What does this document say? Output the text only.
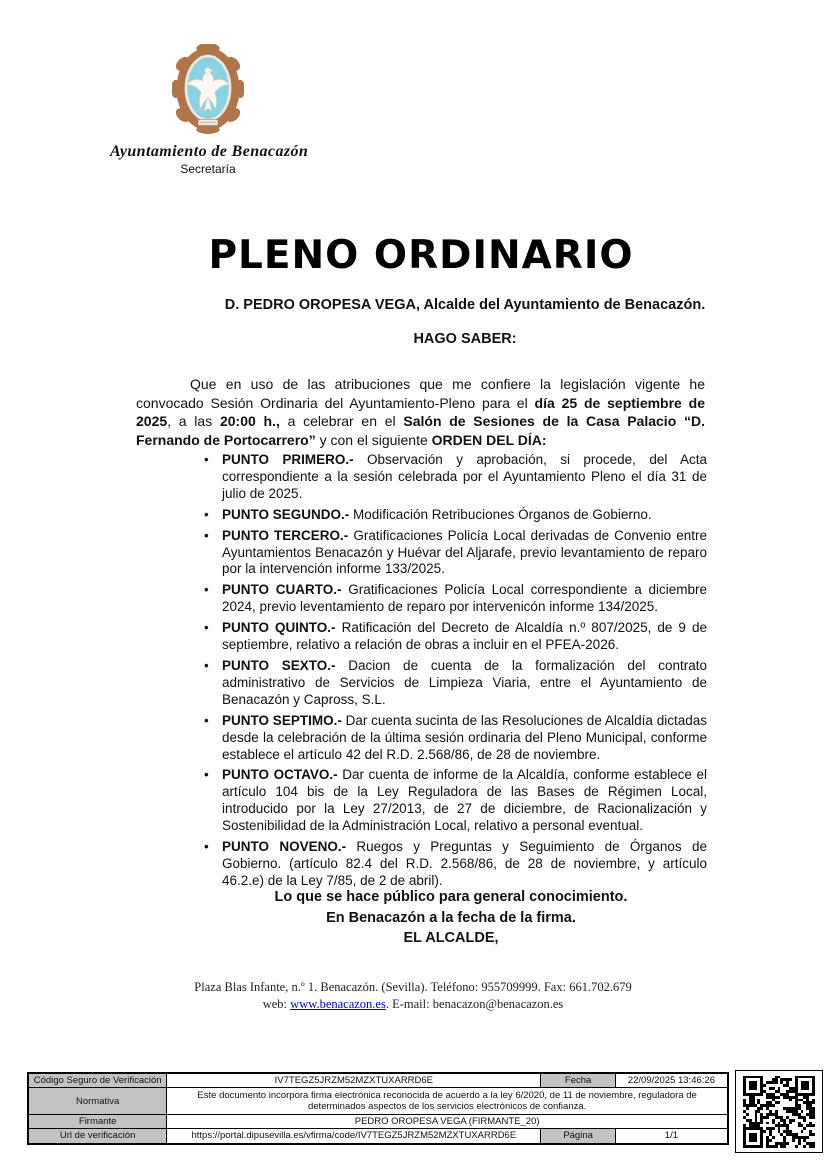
Ayuntamiento de Benacazón
Secretaría
PLENO ORDINARIO
D. PEDRO OROPESA VEGA, Alcalde del Ayuntamiento de Benacazón.
HAGO SABER:

Que en uso de las atribuciones que me confiere la legislación vigente he convocado Sesión Ordinaria del Ayuntamiento-Pleno para el día 25 de septiembre de 2025, a las 20:00 h., a celebrar en el Salón de Sesiones de la Casa Palacio “D. Fernando de Portocarrero” y con el siguiente ORDEN DEL DÍA:

• PUNTO PRIMERO.- Observación y aprobación, si procede, del Acta correspondiente a la sesión celebrada por el Ayuntamiento Pleno el día 31 de julio de 2025.
• PUNTO SEGUNDO.- Modificación Retribuciones Órganos de Gobierno.
• PUNTO TERCERO.- Gratificaciones Policía Local derivadas de Convenio entre Ayuntamientos Benacazón y Huévar del Aljarafe, previo levantamiento de reparo por la intervención informe 133/2025.
• PUNTO CUARTO.- Gratificaciones Policía Local correspondiente a diciembre 2024, previo leventamiento de reparo por intervenicón informe 134/2025.
• PUNTO QUINTO.- Ratificación del Decreto de Alcaldía n.º 807/2025, de 9 de septiembre, relativo a relación de obras a incluir en el PFEA-2026.
• PUNTO SEXTO.- Dacion de cuenta de la formalización del contrato administrativo de Servicios de Limpieza Viaria, entre el Ayuntamiento de Benacazón y Capross, S.L.
• PUNTO SEPTIMO.- Dar cuenta sucinta de las Resoluciones de Alcaldía dictadas desde la celebración de la última sesión ordinaria del Pleno Municipal, conforme establece el artículo 42 del R.D. 2.568/86, de 28 de noviembre.
• PUNTO OCTAVO.- Dar cuenta de informe de la Alcaldía, conforme establece el artículo 104 bis de la Ley Reguladora de las Bases de Régimen Local, introducido por la Ley 27/2013, de 27 de diciembre, de Racionalización y Sostenibilidad de la Administración Local, relativo a personal eventual.
• PUNTO NOVENO.- Ruegos y Preguntas y Seguimiento de Órganos de Gobierno. (artículo 82.4 del R.D. 2.568/86, de 28 de noviembre, y artículo 46.2.e) de la Ley 7/85, de 2 de abril).
Lo que se hace público para general conocimiento.
En Benacazón a la fecha de la firma.
EL ALCALDE,
Plaza Blas Infante, n.º 1. Benacazón. (Sevilla). Teléfono: 955709999. Fax: 661.702.679
web: www.benacazon.es. E-mail: benacazon@benacazon.es
Código Seguro de Verificación	IV7TEGZ5JRZM52MZXTUXARRD6E	Fecha	22/09/2025 13:46:26
Normativa	Este documento incorpora firma electrónica reconocida de acuerdo a la ley 6/2020, de 11 de noviembre, reguladora de determinados aspectos de los servicios electrónicos de confianza.		
Firmante	PEDRO OROPESA VEGA (FIRMANTE_20)		
Url de verificación	https://portal.dipusevilla.es/vfirma/code/IV7TEGZ5JRZM52MZXTUXARRD6E	Página	1/1
